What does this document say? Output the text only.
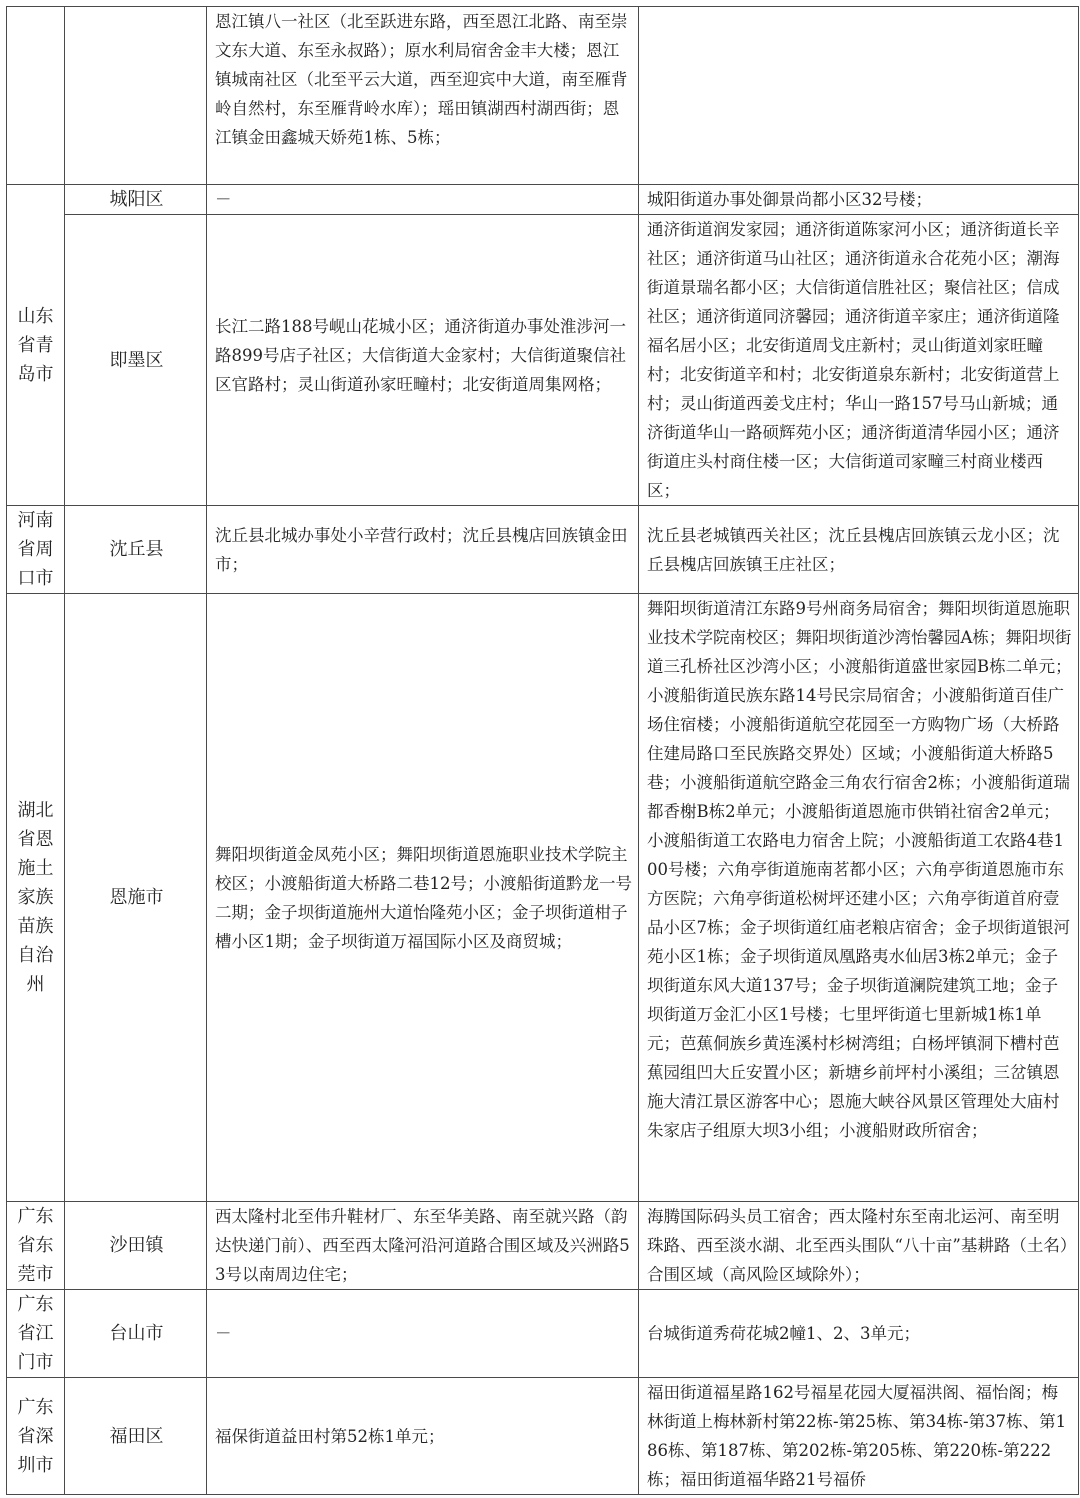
		恩江镇八一社区（北至跃进东路，西至恩江北路、南至崇文东大道、东至永叔路）；原水利局宿舍金丰大楼；恩江镇城南社区（北至平云大道，西至迎宾中大道，南至雁背岭自然村，东至雁背岭水库）；瑶田镇湖西村湖西街；恩江镇金田鑫城天娇苑1栋、5栋；	

山东省青岛市	城阳区	－	城阳街道办事处御景尚都小区32号楼；
	即墨区	长江二路188号岘山花城小区；通济街道办事处淮涉河一路899号店子社区；大信街道大金家村；大信街道聚信社区官路村；灵山街道孙家旺疃村；北安街道周集网格；	通济街道润发家园；通济街道陈家河小区；通济街道长辛社区；通济街道马山社区；通济街道永合花苑小区；潮海街道景瑞名都小区；大信街道信胜社区；聚信社区；信成社区；通济街道同济馨园；通济街道辛家庄；通济街道隆福名居小区；北安街道周戈庄新村；灵山街道刘家旺疃村；北安街道辛和村；北安街道泉东新村；北安街道营上村；灵山街道西姜戈庄村；华山一路157号马山新城；通济街道华山一路硕辉苑小区；通济街道清华园小区；通济街道庄头村商住楼一区；大信街道司家疃三村商业楼西区；

河南省周口市	沈丘县	沈丘县北城办事处小辛营行政村；沈丘县槐店回族镇金田市；	沈丘县老城镇西关社区；沈丘县槐店回族镇云龙小区；沈丘县槐店回族镇王庄社区；

湖北省恩施土家族苗族自治州	恩施市	舞阳坝街道金凤苑小区；舞阳坝街道恩施职业技术学院主校区；小渡船街道大桥路二巷12号；小渡船街道黔龙一号二期；金子坝街道施州大道怡隆苑小区；金子坝街道柑子槽小区1期；金子坝街道万福国际小区及商贸城；	舞阳坝街道清江东路9号州商务局宿舍；舞阳坝街道恩施职业技术学院南校区；舞阳坝街道沙湾怡馨园A栋；舞阳坝街道三孔桥社区沙湾小区；小渡船街道盛世家园B栋二单元；小渡船街道民族东路14号民宗局宿舍；小渡船街道百佳广场住宿楼；小渡船街道航空花园至一方购物广场（大桥路住建局路口至民族路交界处）区域；小渡船街道大桥路5巷；小渡船街道航空路金三角农行宿舍2栋；小渡船街道瑞都香榭B栋2单元；小渡船街道恩施市供销社宿舍2单元；小渡船街道工农路电力宿舍上院；小渡船街道工农路4巷100号楼；六角亭街道施南茗都小区；六角亭街道恩施市东方医院；六角亭街道松树坪还建小区；六角亭街道首府壹品小区7栋；金子坝街道红庙老粮店宿舍；金子坝街道银河苑小区1栋；金子坝街道凤凰路夷水仙居3栋2单元；金子坝街道东风大道137号；金子坝街道澜院建筑工地；金子坝街道万金汇小区1号楼；七里坪街道七里新城1栋1单元；芭蕉侗族乡黄连溪村杉树湾组；白杨坪镇洞下槽村芭蕉园组凹大丘安置小区；新塘乡前坪村小溪组；三岔镇恩施大清江景区游客中心；恩施大峡谷风景区管理处大庙村朱家店子组原大坝3小组；小渡船财政所宿舍；

广东省东莞市	沙田镇	西太隆村北至伟升鞋材厂、东至华美路、南至就兴路（韵达快递门前）、西至西太隆河沿河道路合围区域及兴洲路53号以南周边住宅；	海腾国际码头员工宿舍；西太隆村东至南北运河、南至明珠路、西至淡水湖、北至西头围队“八十亩”基耕路（土名）合围区域（高风险区域除外）；

广东省江门市	台山市	－	台城街道秀荷花城2幢1、2、3单元；

广东省深圳市	福田区	福保街道益田村第52栋1单元；	福田街道福星路162号福星花园大厦福洪阁、福怡阁；梅林街道上梅林新村第22栋-第25栋、第34栋-第37栋、第186栋、第187栋、第202栋-第205栋、第220栋-第222栋；福田街道福华路21号福侨
